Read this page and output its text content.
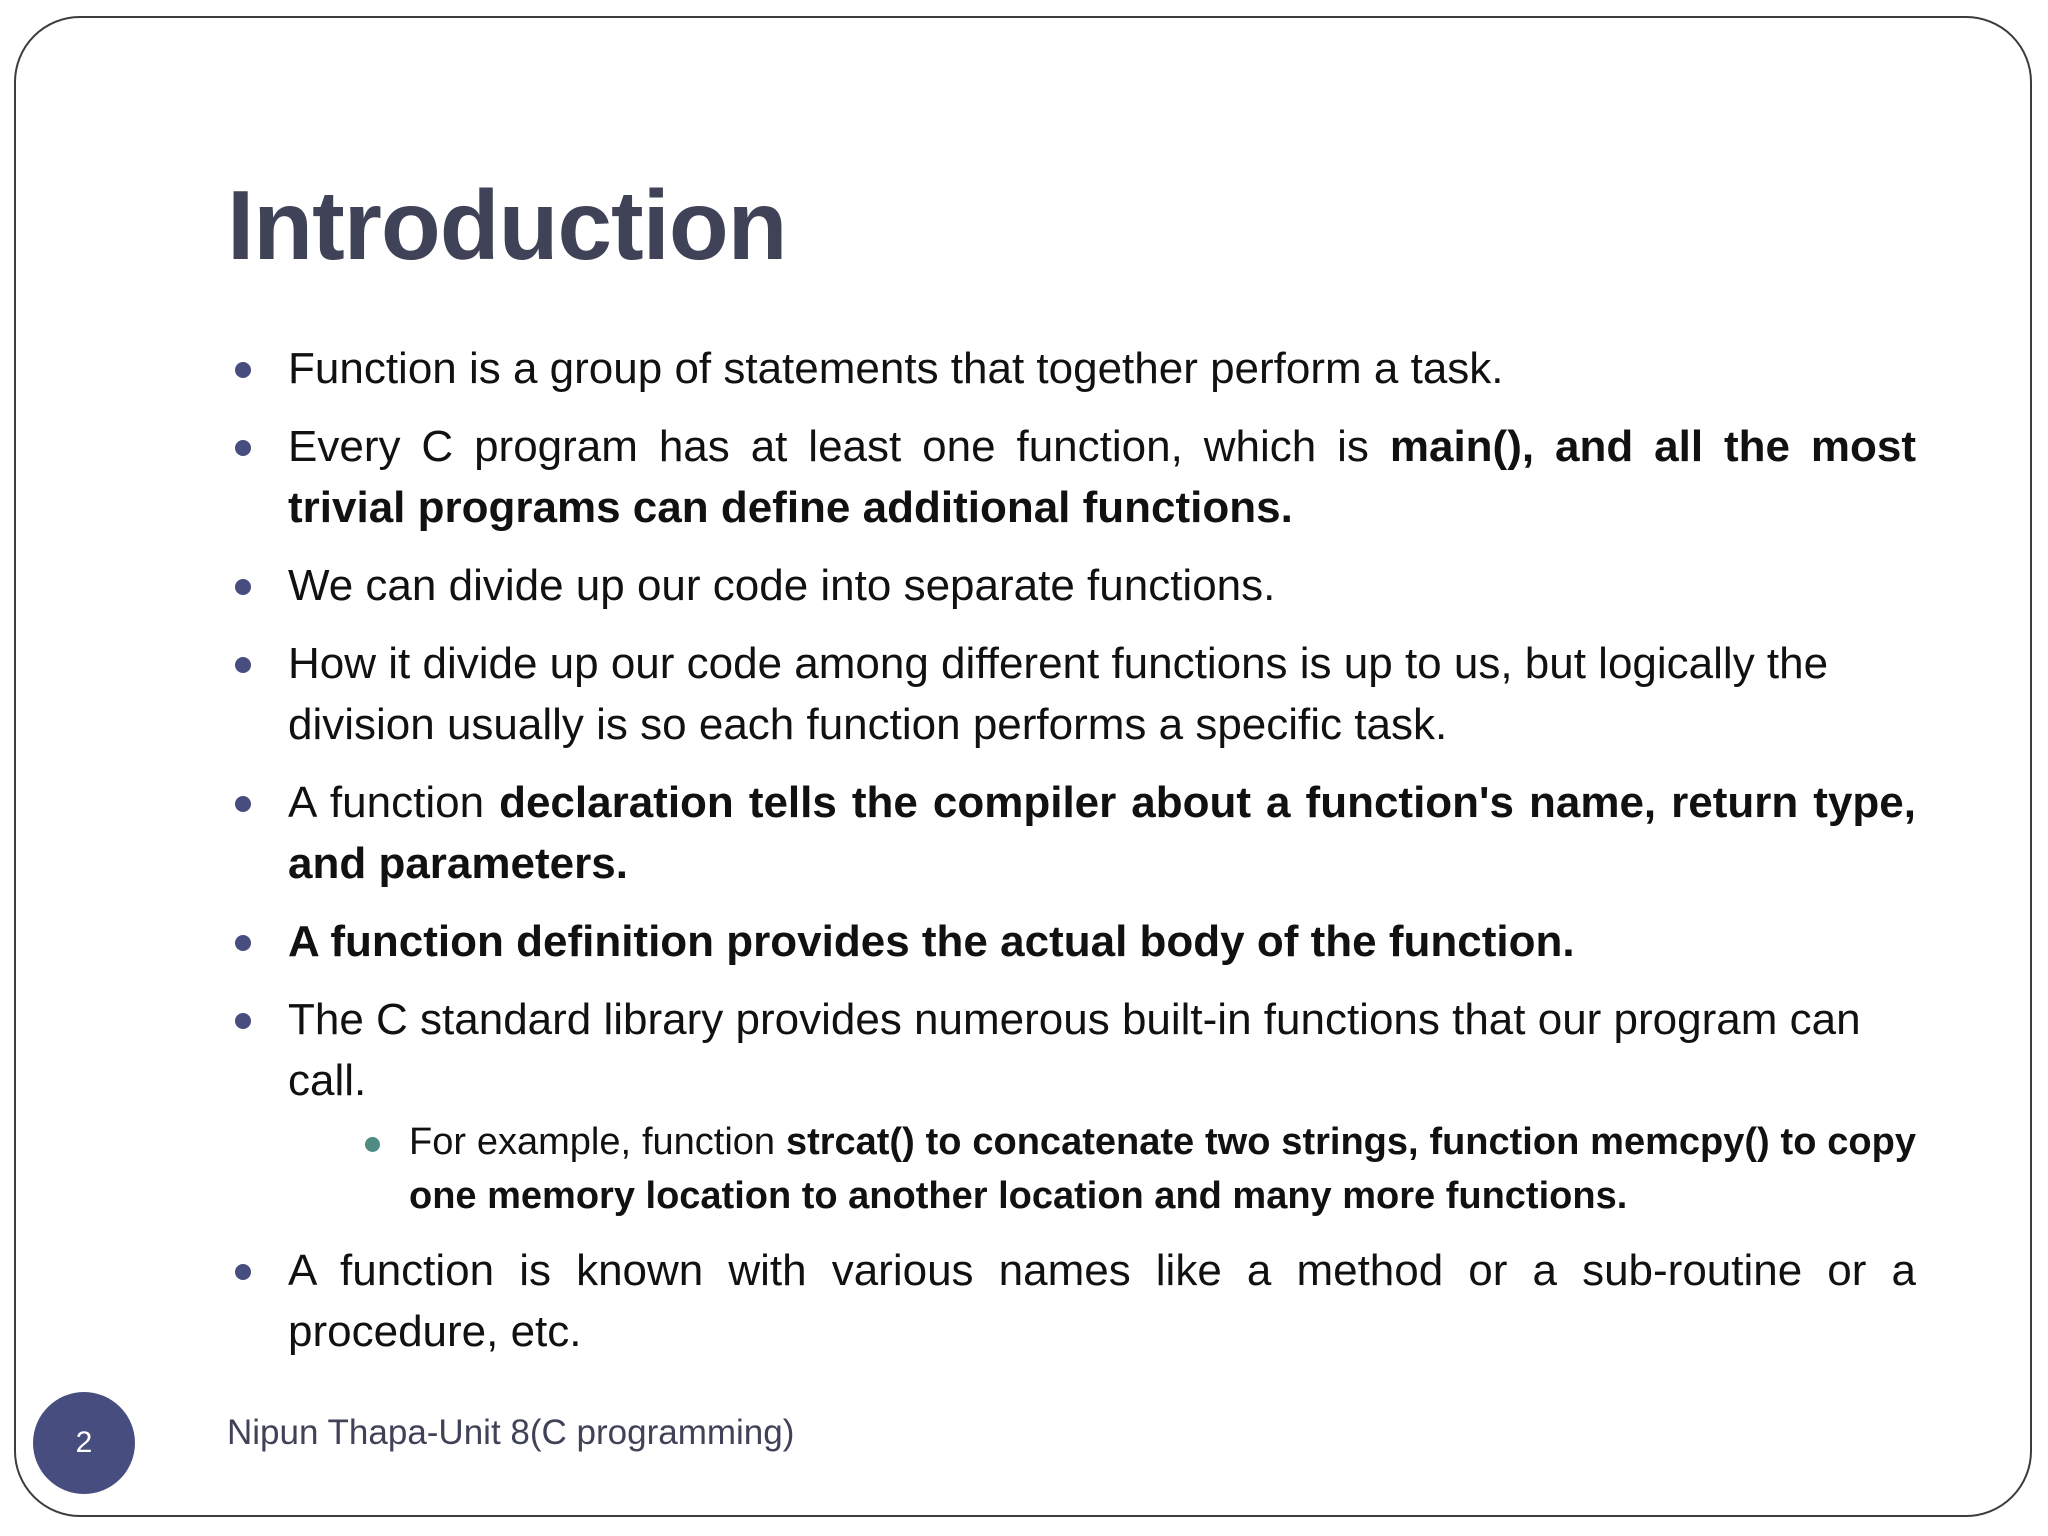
Introduction
Function is a group of statements that together perform a task.
Every C program has at least one function, which is main(), and all the most trivial programs can define additional functions.
We can divide up our code into separate functions.
How it divide up our code among different functions is up to us, but logically the division usually is so each function performs a specific task.
A function declaration tells the compiler about a function's name, return type, and parameters.
A function definition provides the actual body of the function.
The C standard library provides numerous built-in functions that our program can call.
For example, function strcat() to concatenate two strings, function memcpy() to copy one memory location to another location and many more functions.
A function is known with various names like a method or a sub-routine or a procedure, etc.
2	Nipun Thapa-Unit 8(C programming)
